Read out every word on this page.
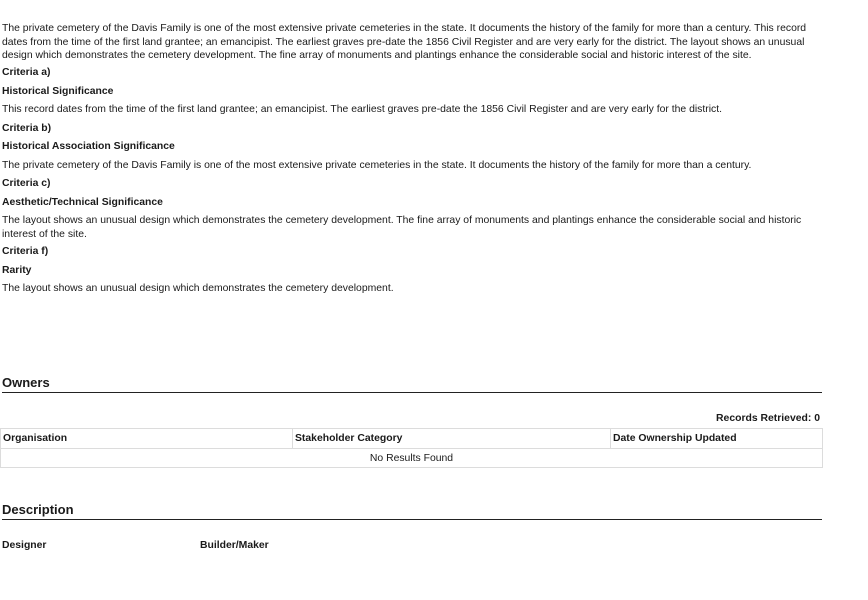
The private cemetery of the Davis Family is one of the most extensive private cemeteries in the state. It documents the history of the family for more than a century. This record dates from the time of the first land grantee; an emancipist. The earliest graves pre-date the 1856 Civil Register and are very early for the district. The layout shows an unusual design which demonstrates the cemetery development. The fine array of monuments and plantings enhance the considerable social and historic interest of the site.
Criteria a)
Historical Significance
This record dates from the time of the first land grantee; an emancipist. The earliest graves pre-date the 1856 Civil Register and are very early for the district.
Criteria b)
Historical Association Significance
The private cemetery of the Davis Family is one of the most extensive private cemeteries in the state. It documents the history of the family for more than a century.
Criteria c)
Aesthetic/Technical Significance
The layout shows an unusual design which demonstrates the cemetery development. The fine array of monuments and plantings enhance the considerable social and historic interest of the site.
Criteria f)
Rarity
The layout shows an unusual design which demonstrates the cemetery development.
Owners
Records Retrieved: 0
Organisation	Stakeholder Category	Date Ownership Updated
No Results Found
Description
Designer	Builder/Maker
